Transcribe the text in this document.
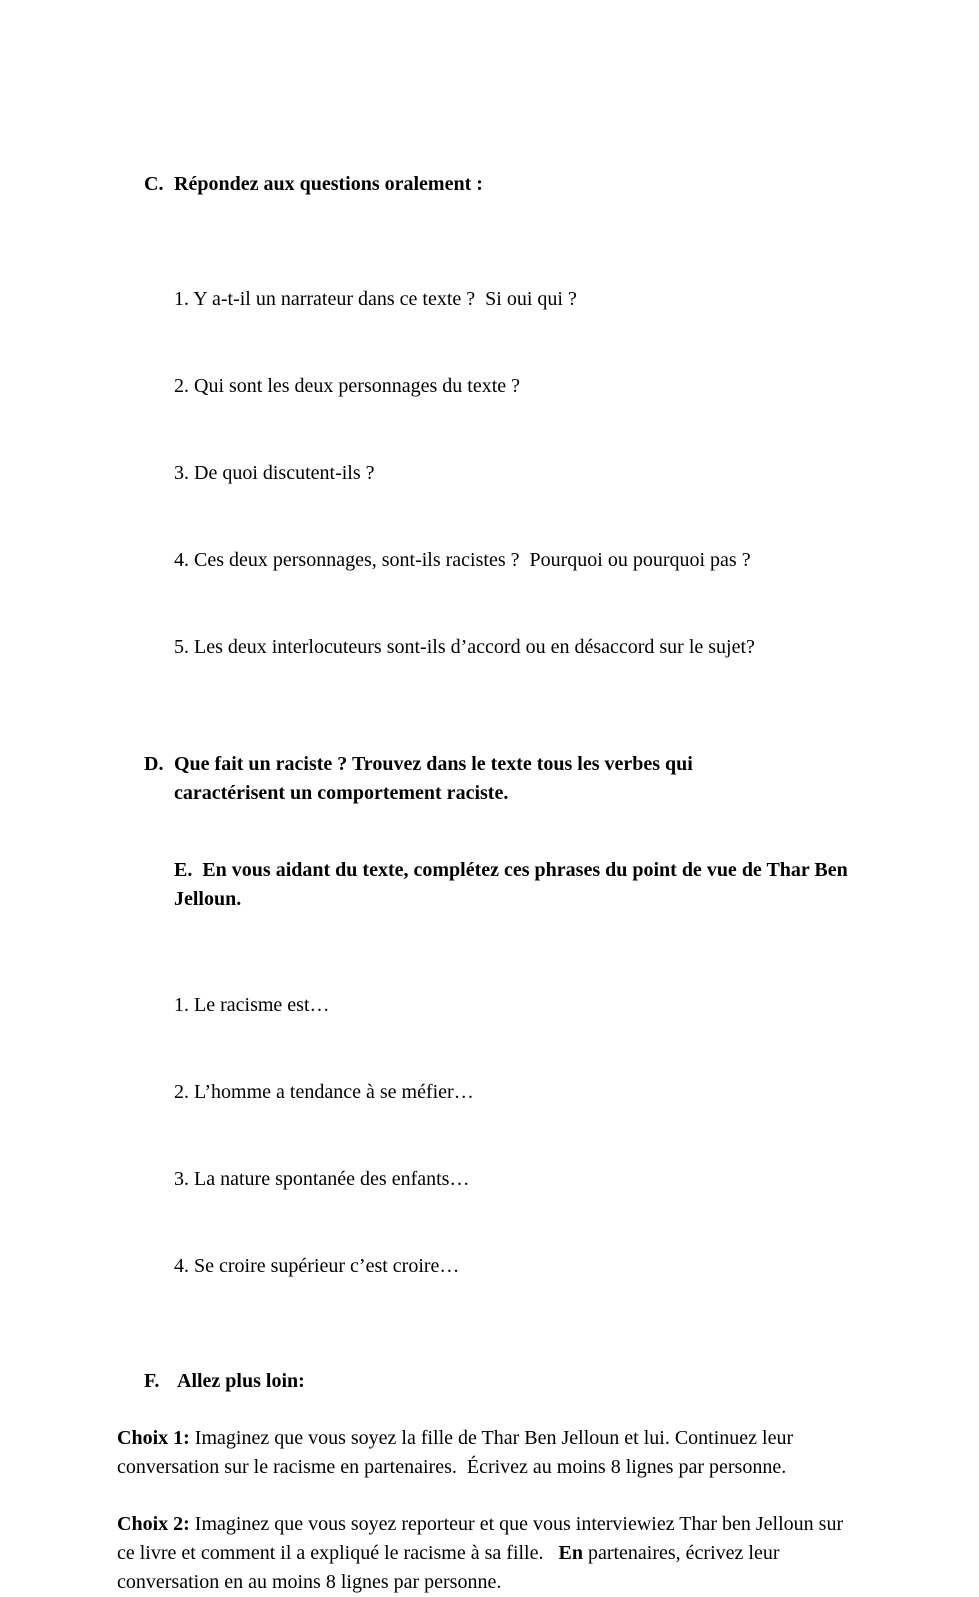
C. Répondez aux questions oralement :

1. Y a-t-il un narrateur dans ce texte ?  Si oui qui ?

2. Qui sont les deux personnages du texte ?

3. De quoi discutent-ils ?

4. Ces deux personnages, sont-ils racistes ?  Pourquoi ou pourquoi pas ?

5. Les deux interlocuteurs sont-ils d’accord ou en désaccord sur le sujet?

D. Que fait un raciste ? Trouvez dans le texte tous les verbes qui caractérisent un comportement raciste.
E.  En vous aidant du texte, complétez ces phrases du point de vue de Thar Ben Jelloun.

1. Le racisme est…

2. L’homme a tendance à se méfier…

3. La nature spontanée des enfants…

4. Se croire supérieur c’est croire…

F. Allez plus loin:

Choix 1: Imaginez que vous soyez la fille de Thar Ben Jelloun et lui. Continuez leur conversation sur le racisme en partenaires.  Écrivez au moins 8 lignes par personne.

Choix 2: Imaginez que vous soyez reporteur et que vous interviewiez Thar ben Jelloun sur ce livre et comment il a expliqué le racisme à sa fille.   En partenaires, écrivez leur conversation en au moins 8 lignes par personne.
